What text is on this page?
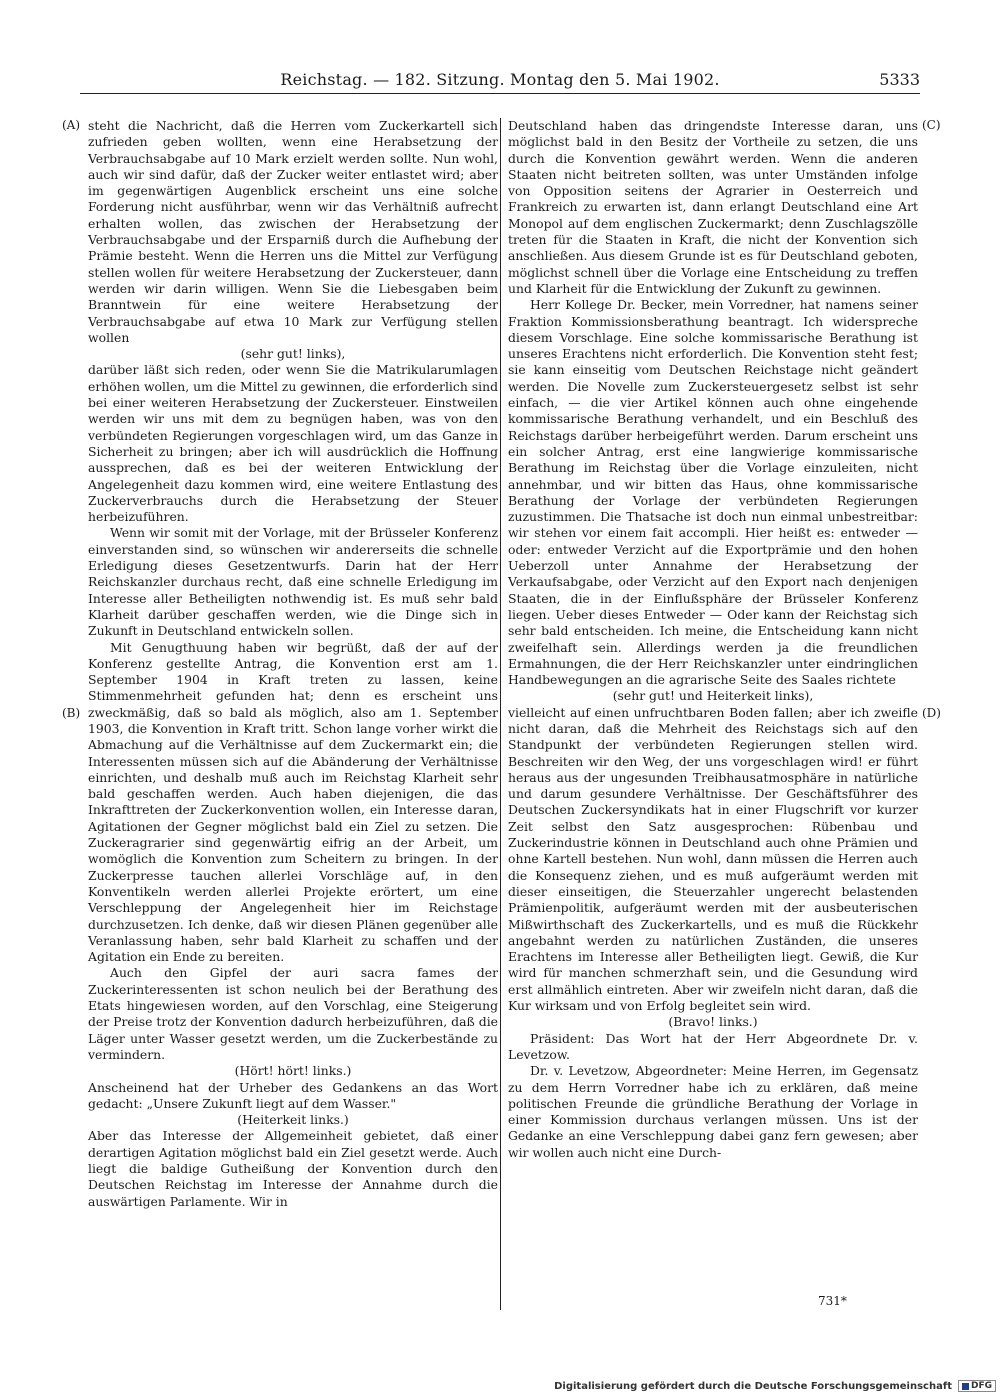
Reichstag. — 182. Sitzung. Montag den 5. Mai 1902.	5333
(A)
(B)
(C)
(D)

steht die Nachricht, daß die Herren vom Zuckerkartell sich zufrieden geben wollten, wenn eine Herabsetzung der Verbrauchsabgabe auf 10 Mark erzielt werden sollte. Nun wohl, auch wir sind dafür, daß der Zucker weiter entlastet wird; aber im gegenwärtigen Augenblick erscheint uns eine solche Forderung nicht ausführbar, wenn wir das Verhältniß aufrecht erhalten wollen, das zwischen der Herabsetzung der Verbrauchsabgabe und der Ersparniß durch die Aufhebung der Prämie besteht. Wenn die Herren uns die Mittel zur Verfügung stellen wollen für weitere Herabsetzung der Zuckersteuer, dann werden wir darin willigen. Wenn Sie die Liebesgaben beim Branntwein für eine weitere Herabsetzung der Verbrauchsabgabe auf etwa 10 Mark zur Verfügung stellen wollen

(sehr gut! links),

darüber läßt sich reden, oder wenn Sie die Matrikularumlagen erhöhen wollen, um die Mittel zu gewinnen, die erforderlich sind bei einer weiteren Herabsetzung der Zuckersteuer. Einstweilen werden wir uns mit dem zu begnügen haben, was von den verbündeten Regierungen vorgeschlagen wird, um das Ganze in Sicherheit zu bringen; aber ich will ausdrücklich die Hoffnung aussprechen, daß es bei der weiteren Entwicklung der Angelegenheit dazu kommen wird, eine weitere Entlastung des Zuckerverbrauchs durch die Herabsetzung der Steuer herbeizuführen.

Wenn wir somit mit der Vorlage, mit der Brüsseler Konferenz einverstanden sind, so wünschen wir andererseits die schnelle Erledigung dieses Gesetzentwurfs. Darin hat der Herr Reichskanzler durchaus recht, daß eine schnelle Erledigung im Interesse aller Betheiligten nothwendig ist. Es muß sehr bald Klarheit darüber geschaffen werden, wie die Dinge sich in Zukunft in Deutschland entwickeln sollen.

Mit Genugthuung haben wir begrüßt, daß der auf der Konferenz gestellte Antrag, die Konvention erst am 1. September 1904 in Kraft treten zu lassen, keine Stimmenmehrheit gefunden hat; denn es erscheint uns zweckmäßig, daß so bald als möglich, also am 1. September 1903, die Konvention in Kraft tritt. Schon lange vorher wirkt die Abmachung auf die Verhältnisse auf dem Zuckermarkt ein; die Interessenten müssen sich auf die Abänderung der Verhältnisse einrichten, und deshalb muß auch im Reichstag Klarheit sehr bald geschaffen werden. Auch haben diejenigen, die das Inkrafttreten der Zuckerkonvention wollen, ein Interesse daran, Agitationen der Gegner möglichst bald ein Ziel zu setzen. Die Zuckeragrarier sind gegenwärtig eifrig an der Arbeit, um womöglich die Konvention zum Scheitern zu bringen. In der Zuckerpresse tauchen allerlei Vorschläge auf, in den Konventikeln werden allerlei Projekte erörtert, um eine Verschleppung der Angelegenheit hier im Reichstage durchzusetzen. Ich denke, daß wir diesen Plänen gegenüber alle Veranlassung haben, sehr bald Klarheit zu schaffen und der Agitation ein Ende zu bereiten.

Auch den Gipfel der auri sacra fames der Zuckerinteressenten ist schon neulich bei der Berathung des Etats hingewiesen worden, auf den Vorschlag, eine Steigerung der Preise trotz der Konvention dadurch herbeizuführen, daß die Läger unter Wasser gesetzt werden, um die Zuckerbestände zu vermindern.

(Hört! hört! links.)

Anscheinend hat der Urheber des Gedankens an das Wort gedacht: „Unsere Zukunft liegt auf dem Wasser."

(Heiterkeit links.)

Aber das Interesse der Allgemeinheit gebietet, daß einer derartigen Agitation möglichst bald ein Ziel gesetzt werde. Auch liegt die baldige Gutheißung der Konvention durch den Deutschen Reichstag im Interesse der Annahme durch die auswärtigen Parlamente. Wir in

Deutschland haben das dringendste Interesse daran, uns möglichst bald in den Besitz der Vortheile zu setzen, die uns durch die Konvention gewährt werden. Wenn die anderen Staaten nicht beitreten sollten, was unter Umständen infolge von Opposition seitens der Agrarier in Oesterreich und Frankreich zu erwarten ist, dann erlangt Deutschland eine Art Monopol auf dem englischen Zuckermarkt; denn Zuschlagszölle treten für die Staaten in Kraft, die nicht der Konvention sich anschließen. Aus diesem Grunde ist es für Deutschland geboten, möglichst schnell über die Vorlage eine Entscheidung zu treffen und Klarheit für die Entwicklung der Zukunft zu gewinnen.

Herr Kollege Dr. Becker, mein Vorredner, hat namens seiner Fraktion Kommissionsberathung beantragt. Ich widerspreche diesem Vorschlage. Eine solche kommissarische Berathung ist unseres Erachtens nicht erforderlich. Die Konvention steht fest; sie kann einseitig vom Deutschen Reichstage nicht geändert werden. Die Novelle zum Zuckersteuergesetz selbst ist sehr einfach, — die vier Artikel können auch ohne eingehende kommissarische Berathung verhandelt, und ein Beschluß des Reichstags darüber herbeigeführt werden. Darum erscheint uns ein solcher Antrag, erst eine langwierige kommissarische Berathung im Reichstag über die Vorlage einzuleiten, nicht annehmbar, und wir bitten das Haus, ohne kommissarische Berathung der Vorlage der verbündeten Regierungen zuzustimmen. Die Thatsache ist doch nun einmal unbestreitbar: wir stehen vor einem fait accompli. Hier heißt es: entweder — oder: entweder Verzicht auf die Exportprämie und den hohen Ueberzoll unter Annahme der Herabsetzung der Verkaufsabgabe, oder Verzicht auf den Export nach denjenigen Staaten, die in der Einflußsphäre der Brüsseler Konferenz liegen. Ueber dieses Entweder — Oder kann der Reichstag sich sehr bald entscheiden. Ich meine, die Entscheidung kann nicht zweifelhaft sein. Allerdings werden ja die freundlichen Ermahnungen, die der Herr Reichskanzler unter eindringlichen Handbewegungen an die agrarische Seite des Saales richtete

(sehr gut! und Heiterkeit links),

vielleicht auf einen unfruchtbaren Boden fallen; aber ich zweifle nicht daran, daß die Mehrheit des Reichstags sich auf den Standpunkt der verbündeten Regierungen stellen wird. Beschreiten wir den Weg, der uns vorgeschlagen wird! er führt heraus aus der ungesunden Treibhausatmosphäre in natürliche und darum gesundere Verhältnisse. Der Geschäftsführer des Deutschen Zuckersyndikats hat in einer Flugschrift vor kurzer Zeit selbst den Satz ausgesprochen: Rübenbau und Zuckerindustrie können in Deutschland auch ohne Prämien und ohne Kartell bestehen. Nun wohl, dann müssen die Herren auch die Konsequenz ziehen, und es muß aufgeräumt werden mit dieser einseitigen, die Steuerzahler ungerecht belastenden Prämienpolitik, aufgeräumt werden mit der ausbeuterischen Mißwirthschaft des Zuckerkartells, und es muß die Rückkehr angebahnt werden zu natürlichen Zuständen, die unseres Erachtens im Interesse aller Betheiligten liegt. Gewiß, die Kur wird für manchen schmerzhaft sein, und die Gesundung wird erst allmählich eintreten. Aber wir zweifeln nicht daran, daß die Kur wirksam und von Erfolg begleitet sein wird.

(Bravo! links.)

Präsident: Das Wort hat der Herr Abgeordnete Dr. v. Levetzow.

Dr. v. Levetzow, Abgeordneter: Meine Herren, im Gegensatz zu dem Herrn Vorredner habe ich zu erklären, daß meine politischen Freunde die gründliche Berathung der Vorlage in einer Kommission durchaus verlangen müssen. Uns ist der Gedanke an eine Verschleppung dabei ganz fern gewesen; aber wir wollen auch nicht eine Durch-

731*
Digitalisierung gefördert durch die Deutsche Forschungsgemeinschaft DFG
